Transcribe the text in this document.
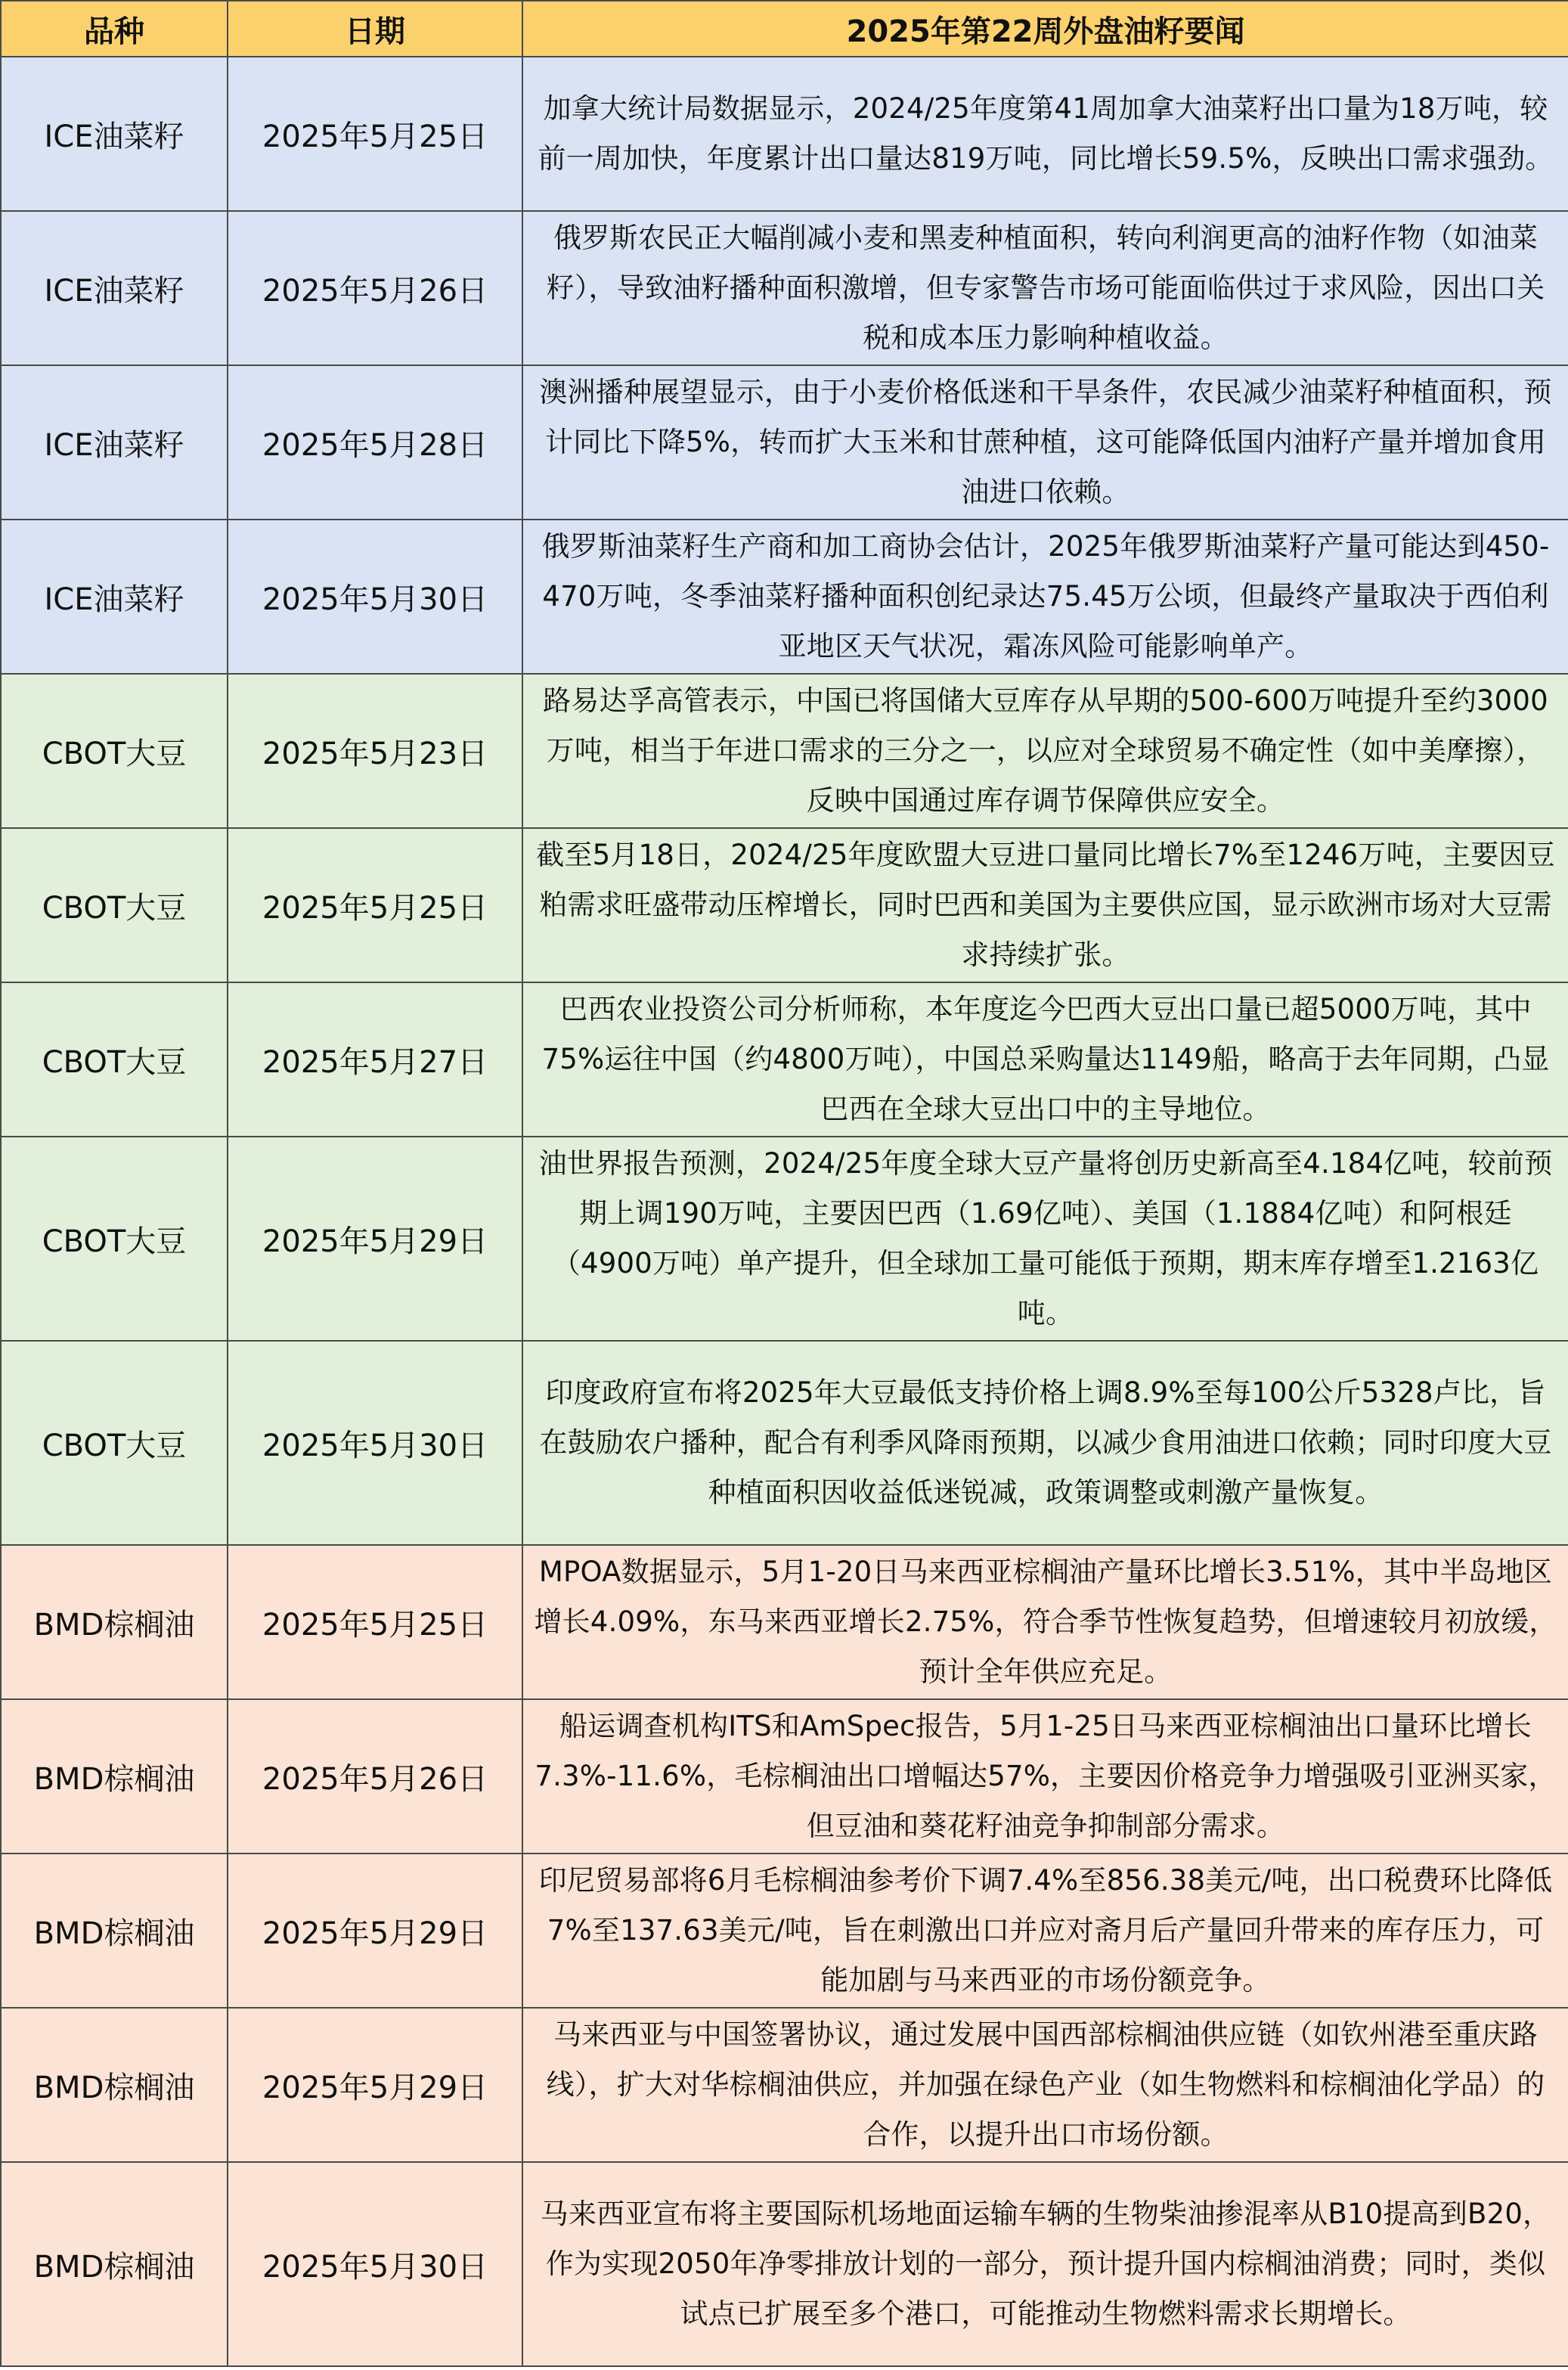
品种	日期	2025年第22周外盘油籽要闻
ICE油菜籽	2025年5月25日	加拿大统计局数据显示，2024/25年度第41周加拿大油菜籽出口量为18万吨，较前一周加快，年度累计出口量达819万吨，同比增长59.5%，反映出口需求强劲。
ICE油菜籽	2025年5月26日	俄罗斯农民正大幅削减小麦和黑麦种植面积，转向利润更高的油籽作物（如油菜籽），导致油籽播种面积激增，但专家警告市场可能面临供过于求风险，因出口关税和成本压力影响种植收益。
ICE油菜籽	2025年5月28日	澳洲播种展望显示，由于小麦价格低迷和干旱条件，农民减少油菜籽种植面积，预计同比下降5%，转而扩大玉米和甘蔗种植，这可能降低国内油籽产量并增加食用油进口依赖。
ICE油菜籽	2025年5月30日	俄罗斯油菜籽生产商和加工商协会估计，2025年俄罗斯油菜籽产量可能达到450-470万吨，冬季油菜籽播种面积创纪录达75.45万公顷，但最终产量取决于西伯利亚地区天气状况，霜冻风险可能影响单产。
CBOT大豆	2025年5月23日	路易达孚高管表示，中国已将国储大豆库存从早期的500-600万吨提升至约3000万吨，相当于年进口需求的三分之一，以应对全球贸易不确定性（如中美摩擦），反映中国通过库存调节保障供应安全。
CBOT大豆	2025年5月25日	截至5月18日，2024/25年度欧盟大豆进口量同比增长7%至1246万吨，主要因豆粕需求旺盛带动压榨增长，同时巴西和美国为主要供应国，显示欧洲市场对大豆需求持续扩张。
CBOT大豆	2025年5月27日	巴西农业投资公司分析师称，本年度迄今巴西大豆出口量已超5000万吨，其中75%运往中国（约4800万吨），中国总采购量达1149船，略高于去年同期，凸显巴西在全球大豆出口中的主导地位。
CBOT大豆	2025年5月29日	油世界报告预测，2024/25年度全球大豆产量将创历史新高至4.184亿吨，较前预期上调190万吨，主要因巴西（1.69亿吨）、美国（1.1884亿吨）和阿根廷（4900万吨）单产提升，但全球加工量可能低于预期，期末库存增至1.2163亿吨。
CBOT大豆	2025年5月30日	印度政府宣布将2025年大豆最低支持价格上调8.9%至每100公斤5328卢比，旨在鼓励农户播种，配合有利季风降雨预期，以减少食用油进口依赖；同时印度大豆种植面积因收益低迷锐减，政策调整或刺激产量恢复。
BMD棕榈油	2025年5月25日	MPOA数据显示，5月1-20日马来西亚棕榈油产量环比增长3.51%，其中半岛地区增长4.09%，东马来西亚增长2.75%，符合季节性恢复趋势，但增速较月初放缓，预计全年供应充足。
BMD棕榈油	2025年5月26日	船运调查机构ITS和AmSpec报告，5月1-25日马来西亚棕榈油出口量环比增长7.3%-11.6%，毛棕榈油出口增幅达57%，主要因价格竞争力增强吸引亚洲买家，但豆油和葵花籽油竞争抑制部分需求。
BMD棕榈油	2025年5月29日	印尼贸易部将6月毛棕榈油参考价下调7.4%至856.38美元/吨，出口税费环比降低7%至137.63美元/吨，旨在刺激出口并应对斋月后产量回升带来的库存压力，可能加剧与马来西亚的市场份额竞争。
BMD棕榈油	2025年5月29日	马来西亚与中国签署协议，通过发展中国西部棕榈油供应链（如钦州港至重庆路线），扩大对华棕榈油供应，并加强在绿色产业（如生物燃料和棕榈油化学品）的合作，以提升出口市场份额。
BMD棕榈油	2025年5月30日	马来西亚宣布将主要国际机场地面运输车辆的生物柴油掺混率从B10提高到B20，作为实现2050年净零排放计划的一部分，预计提升国内棕榈油消费；同时，类似试点已扩展至多个港口，可能推动生物燃料需求长期增长。
